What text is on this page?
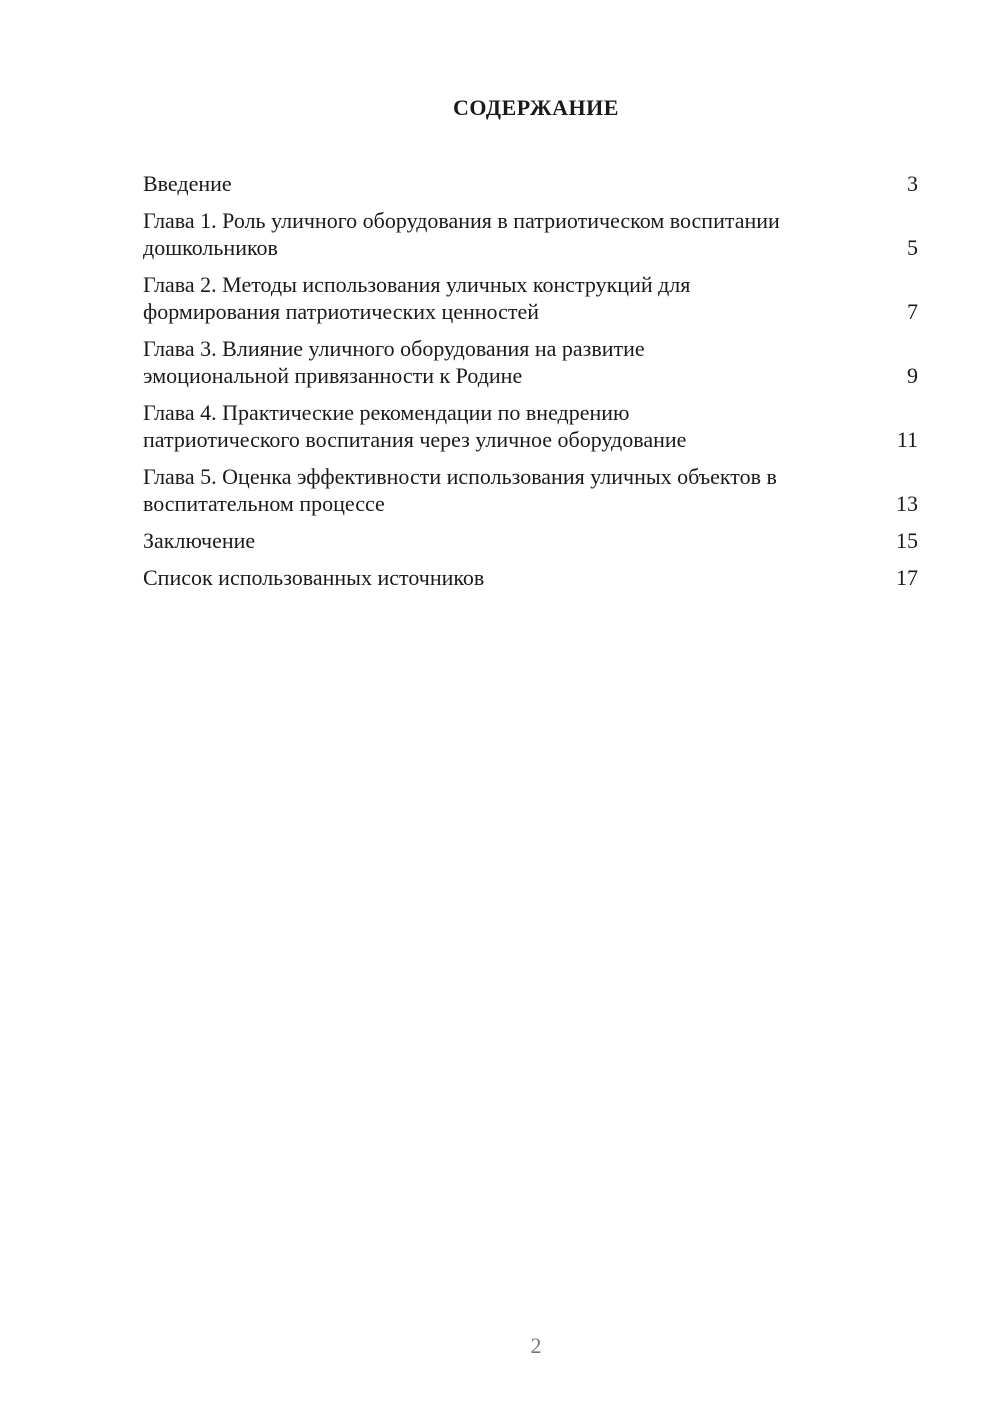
СОДЕРЖАНИЕ
Введение	3
Глава 1. Роль уличного оборудования в патриотическом воспитании дошкольников	5
Глава 2. Методы использования уличных конструкций для формирования патриотических ценностей	7
Глава 3. Влияние уличного оборудования на развитие эмоциональной привязанности к Родине	9
Глава 4. Практические рекомендации по внедрению патриотического воспитания через уличное оборудование	11
Глава 5. Оценка эффективности использования уличных объектов в воспитательном процессе	13
Заключение	15
Список использованных источников	17
2
